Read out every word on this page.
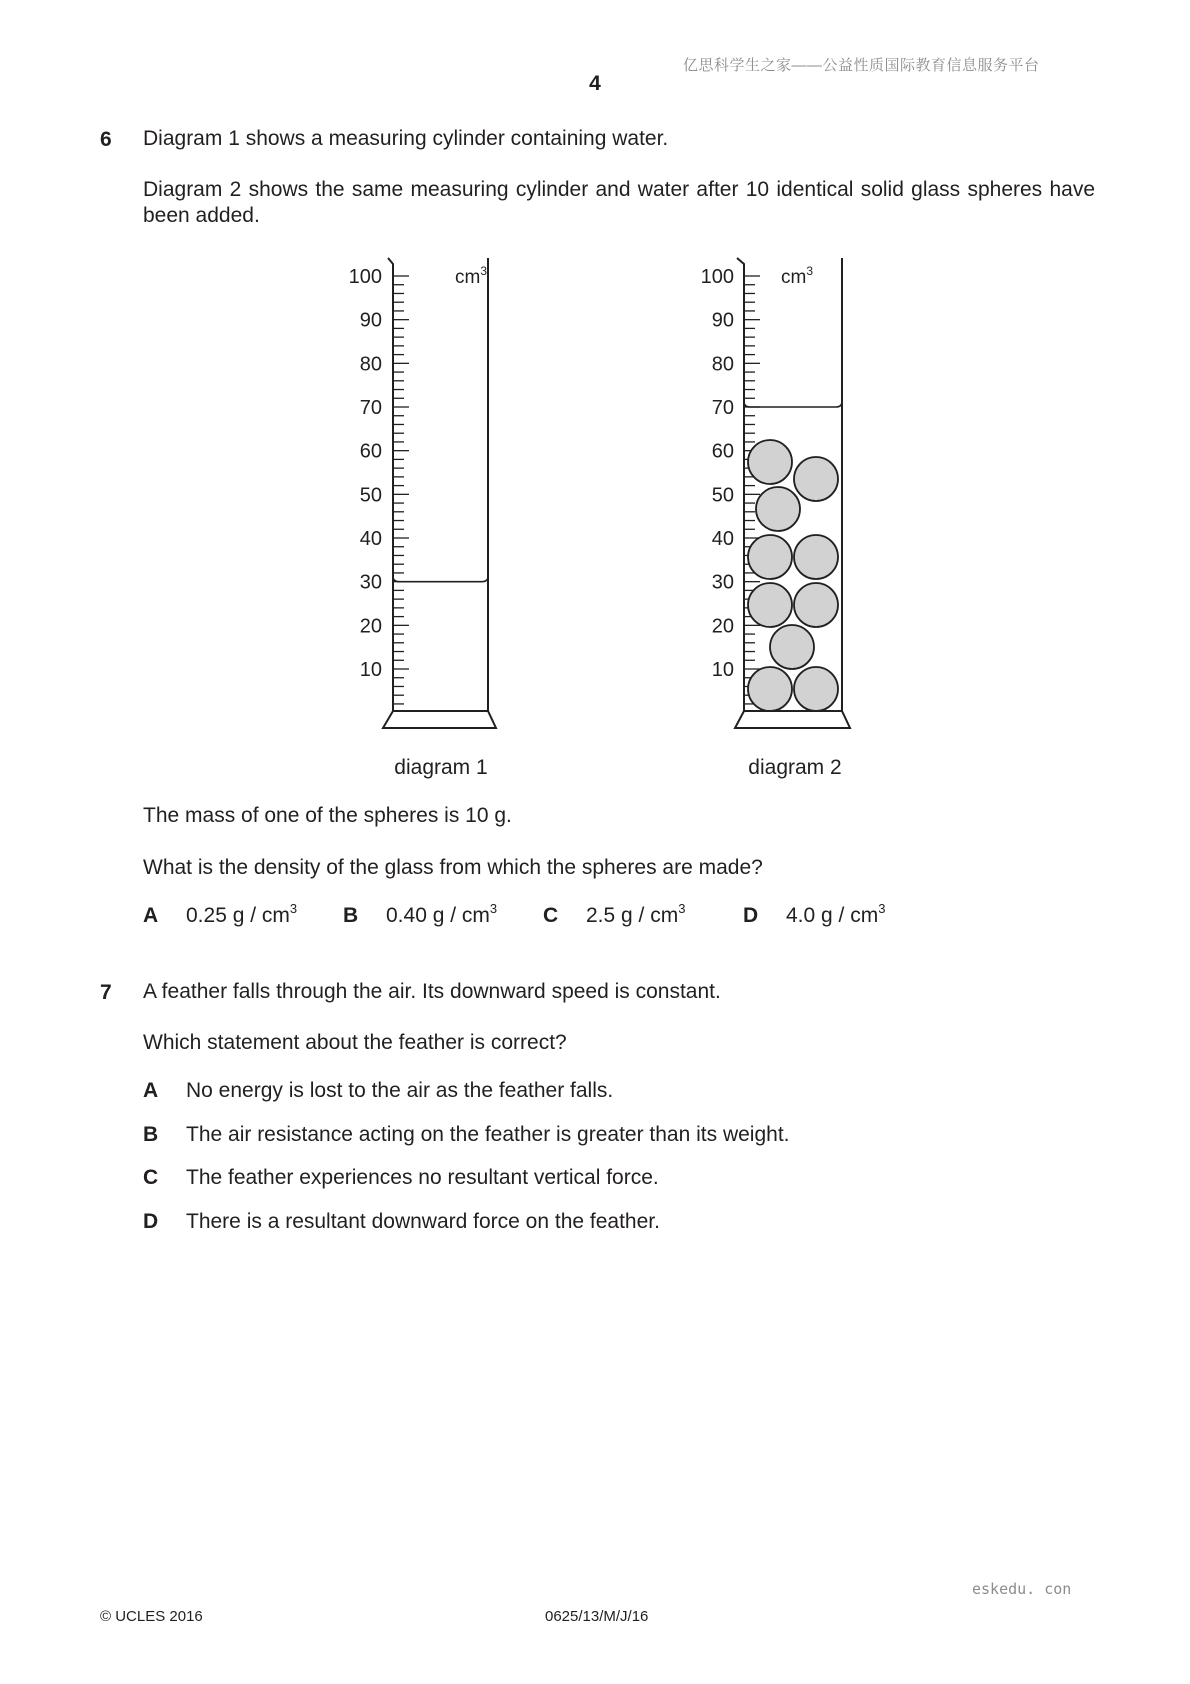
亿思科学生之家——公益性质国际教育信息服务平台
4
6 Diagram 1 shows a measuring cylinder containing water.
Diagram 2 shows the same measuring cylinder and water after 10 identical solid glass spheres have been added.
$cm^3$
100
90
80
70
60
50
40
30
20
10
diagram 1
$cm^3$
100
90
80
70
60
50
40
30
20
10
diagram 2
The mass of one of the spheres is 10 g.
What is the density of the glass from which the spheres are made?
A 0.25 g / $cm^3$ B 0.40 g / $cm^3$ C 2.5 g / $cm^3$	D 4.0 g / $cm^3$
7 A feather falls through the air. Its downward speed is constant.
Which statement about the feather is correct?
A No energy is lost to the air as the feather falls.
B The air resistance acting on the feather is greater than its weight.
C The feather experiences no resultant vertical force.
D There is a resultant downward force on the feather.
eskedu. con
© UCLES 2016	0625/13/M/J/16
